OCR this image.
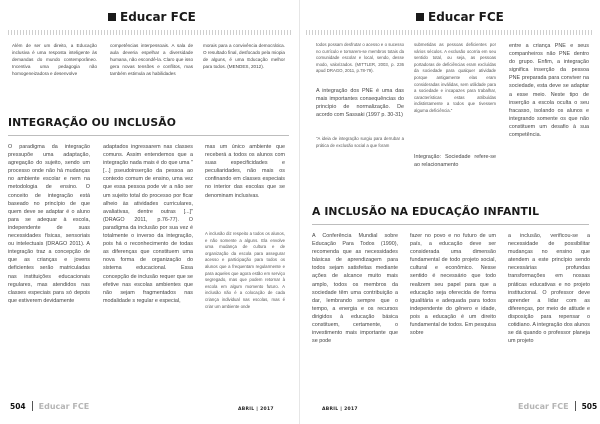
Educar FCE

Além de ser um direito, a Educação inclusiva é uma resposta inteligente às demandas do mundo contemporâneo. Incentiva uma pedagogia não homogeneizadora e desenvolve

competências interpessoais. A sala de aula deveria espelhar a diversidade humana, não escondê-la. Claro que isso gera novas tensões e conflitos, mas também estimula as habilidades

morais para a convivência democrática. O resultado final, desfocado pela miopia de alguns, é uma Educação melhor para todos. (MENDES, 2012).

INTEGRAÇÃO OU INCLUSÃO

O paradigma da integração pressupõe uma adaptação, agregação do sujeito, sendo um processo onde não há mudanças no ambiente escolar e nem na metodologia de ensino. O conceito de integração está baseado no princípio de que quem deve se adaptar é o aluno para se adequar à escola, independente de suas necessidades físicas, sensoriais ou intelectuais (DRAGO 2011). A integração traz a concepção de que as crianças e jovens deficientes serão matriculadas nas instituições educacionais regulares, mas atendidos nas classes especiais para só depois que estiverem devidamente

adaptados ingressarem nas classes comuns. Assim entendemos que a integração nada mais é do que uma "[...] pseudoinserção da pessoa ao contexto comum de ensino, uma vez que essa pessoa pode vir a não ser um sujeito total do processo por ficar alheio às atividades curriculares, avaliativas, dentre outras [...]" (DRAGO 2011, p.76-77). O paradigma da inclusão por sua vez é totalmente o inverso da integração, pois há o reconhecimento de todas as diferenças que constituem uma nova forma de organização do sistema educacional. Essa concepção de inclusão requer que se efetive nas escolas ambientes que não sejam fragmentados nas modalidade s regular e especial,

mas um único ambiente que receberá a todos os alunos com suas especificidades e peculiaridades, não mais os confinando em classes especiais no interior das escolas que se denominam inclusivas.

A inclusão diz respeito a todos os alunos, e não somente a alguns. Ela envolve uma mudança de cultura e de organização da escola para assegurar acesso e participação para todos os alunos que a frequentam regularmente e para aqueles que agora estão em serviço segregado, mas que podem retornar à escola em algum momento futuro. A inclusão não é a colocação de cada criança individual nas escolas, mas é criar um ambiente onde

504 Educar FCE	ABRIL | 2017
Educar FCE

todos possam desfrutar o acesso e o sucesso no currículo e tornarem-se membros totais da comunidade escolar e local, sendo, desse modo, valorizados. (MITTLER, 2003, p. 236 apud DRAGO, 2011, p.78-79).

A integração dos PNE é uma das mais importantes consequências do princípio de normalização. De acordo com Sassaki (1997 p. 30-31)

"A ideia de integração surgiu para derrubar a prática de exclusão social a que foram

submetidas as pessoas deficientes por vários séculos. A exclusão ocorria em seu sentido total, ou seja, as pessoas portadoras de deficiências eram excluídas da sociedade para qualquer atividade porque antigamente elas eram consideradas inválidas, sem utilidade para a sociedade e incapazes para trabalhar, características estas atribuídas indistintamente a todos que tivessem alguma deficiência."

Integração: Sociedade refere-se ao relacionamento

entre a criança PNE e seus companheiros não PNE dentro do grupo. Enfim, a integração significa inserção da pessoa PNE preparada para conviver na sociedade, esta deve se adaptar a esse meio. Neste tipo de inserção a escola oculta o seu fracasso, isolando os alunos e integrando somente os que não constituem um desafio à sua competência.

A INCLUSÃO NA EDUCAÇÃO INFANTIL

A Conferência Mundial sobre Educação Para Todos (1990), recomenda que as necessidades básicas de aprendizagem para todos sejam satisfeitas mediante ações de alcance muito mais amplo, todos os membros da sociedade têm uma contribuição a dar, lembrando sempre que o tempo, a energia e os recursos dirigidos à educação básica constituem, certamente, o investimento mais importante que se pode

fazer no povo e no futuro de um país, a educação deve ser considerada uma dimensão fundamental de todo projeto social, cultural e econômico. Nesse sentido é necessário que todo realizem seu papel para que a educação seja oferecida de forma igualitária e adequada para todos independente do gênero e idade, pois a educação é um direito fundamental de todos. Em pesquisa sobre

a inclusão, verificou-se a necessidade de possibilitar mudanças no ensino que atendem a este princípio sendo necessárias profundas transformações em nossas práticas educativas e no projeto institucional. O professor deve aprender a lidar com as diferenças, por meio de atitude e disposição para repensar o cotidiano. A integração dos alunos se dá quando o professor planeja um projeto

ABRIL | 2017	Educar FCE 505
